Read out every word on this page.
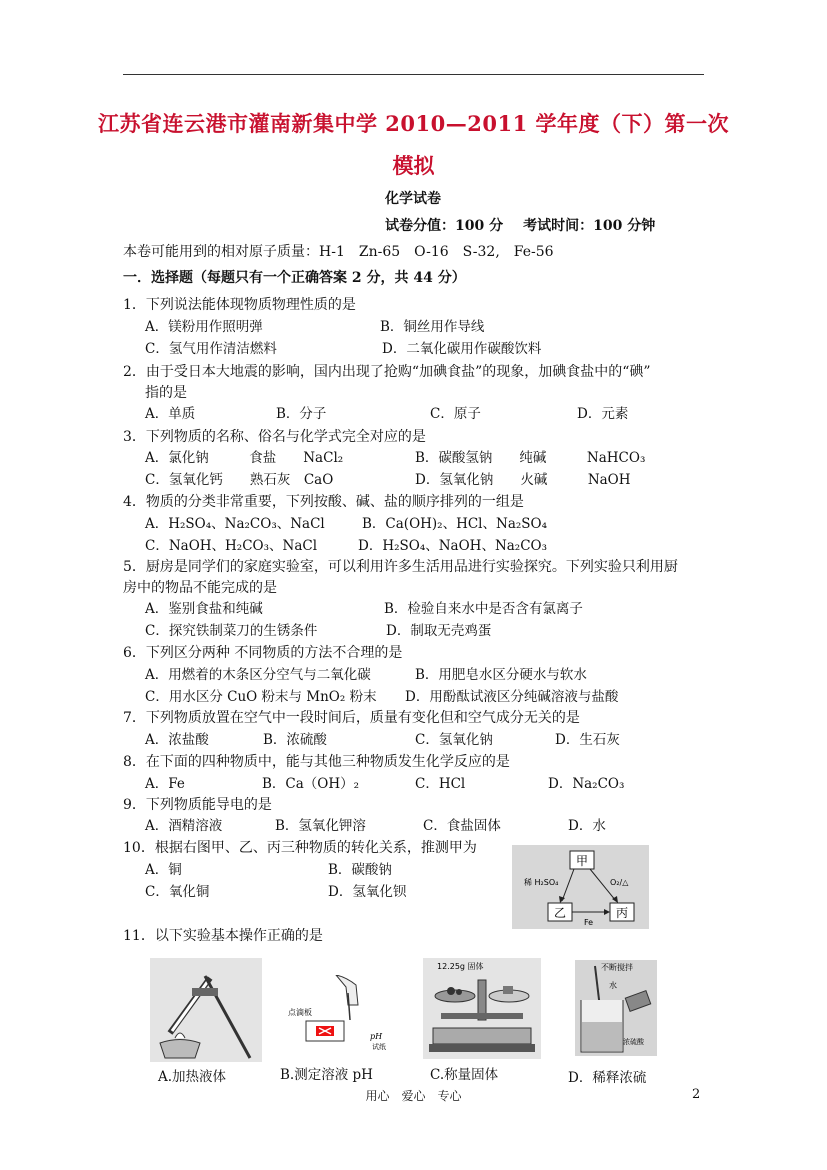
江苏省连云港市灌南新集中学 2010—2011 学年度（下）第一次
模拟
化学试卷
试卷分值：100 分 考试时间：100 分钟
本卷可能用到的相对原子质量：H-1　Zn-65　O-16　S-32,　Fe-56
一．选择题（每题只有一个正确答案 2 分，共 44 分）
1．下列说法能体现物质物理性质的是
A．镁粉用作照明弹	B．铜丝用作导线
C．氢气用作清洁燃料	D．二氧化碳用作碳酸饮料
2．由于受日本大地震的影响，国内出现了抢购“加碘食盐”的现象，加碘食盐中的“碘”
指的是
A．单质	B．分子	C．原子	D．元素
3．下列物质的名称、俗名与化学式完全对应的是
A．氯化钠　　　食盐　　NaCl₂	B．碳酸氢钠　　纯碱　　　NaHCO₃
C．氢氧化钙　　熟石灰　CaO	D．氢氧化钠　　火碱　　　NaOH
4．物质的分类非常重要，下列按酸、碱、盐的顺序排列的一组是
A．H₂SO₄、Na₂CO₃、NaCl	B．Ca(OH)₂、HCl、Na₂SO₄
C．NaOH、H₂CO₃、NaCl	D．H₂SO₄、NaOH、Na₂CO₃
5．厨房是同学们的家庭实验室，可以利用许多生活用品进行实验探究。下列实验只利用厨
房中的物品不能完成的是
A．鉴别食盐和纯碱	B．检验自来水中是否含有氯离子
C．探究铁制菜刀的生锈条件	D．制取无壳鸡蛋
6．下列区分两种 不同物质的方法不合理的是
A．用燃着的木条区分空气与二氧化碳	B．用肥皂水区分硬水与软水
C．用水区分 CuO 粉末与 MnO₂ 粉末 D．用酚酞试液区分纯碱溶液与盐酸
7．下列物质放置在空气中一段时间后，质量有变化但和空气成分无关的是
A．浓盐酸	B．浓硫酸	C．氢氧化钠	D．生石灰
8．在下面的四种物质中，能与其他三种物质发生化学反应的是
A．Fe	B．Ca（OH）₂	C．HCl	D．Na₂CO₃
9．下列物质能导电的是
A．酒精溶液	B．氢氧化钾溶	C．食盐固体	D．水
10．根据右图甲、乙、丙三种物质的转化关系，推测甲为
A．铜	B．碳酸钠
C．氧化铜	D．氢氧化钡
甲
乙	丙
稀 H₂SO₄	O₂/△
Fe
11．以下实验基本操作正确的是
A.加热液体
点滴板
pH
试纸
B.测定溶液 pH
12.25g 固体
C.称量固体
不断搅拌
水
浓硫酸
D．稀释浓硫
用心　爱心　专心	2
